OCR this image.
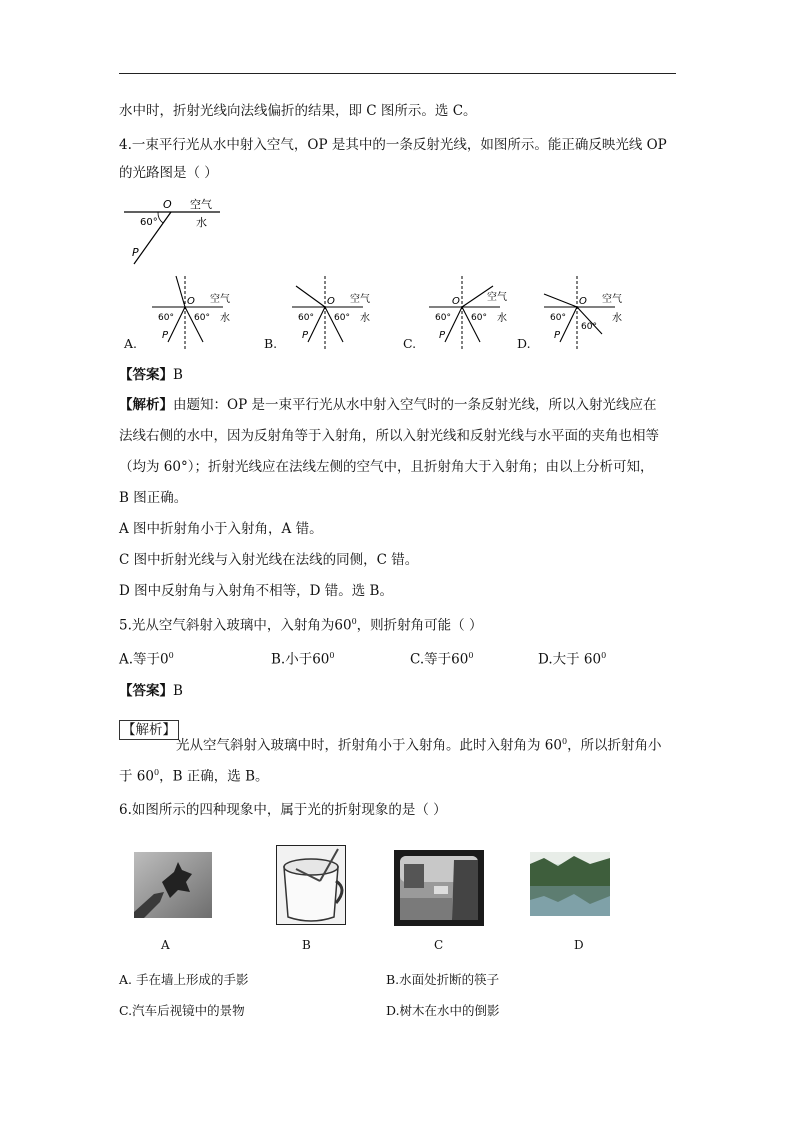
水中时，折射光线向法线偏折的结果，即 C 图所示。选 C。
4.一束平行光从水中射入空气，OP 是其中的一条反射光线，如图所示。能正确反映光线 OP
的光路图是（ ）
O 空气
水
60°
P
O 空气
水
60° 60°
P
A.
O 空气
水
60° 60°
P
B.
O	空气
水
60° 60°
P
C.
O 空气
水
60°
60°
P
D.
【答案】B
【解析】由题知：OP 是一束平行光从水中射入空气时的一条反射光线，所以入射光线应在
法线右侧的水中，因为反射角等于入射角，所以入射光线和反射光线与水平面的夹角也相等
（均为 60°）；折射光线应在法线左侧的空气中，且折射角大于入射角；由以上分析可知，
B 图正确。
A 图中折射角小于入射角，A 错。
C 图中折射光线与入射光线在法线的同侧，C 错。
D 图中反射角与入射角不相等，D 错。选 B。
5.光从空气斜射入玻璃中，入射角为$60^0$，则折射角可能（ ）
A.等于$0^0$	B.小于$60^0$	C.等于$60^0$	D.大于 $60^0$
【答案】B
【解析】
光从空气斜射入玻璃中时，折射角小于入射角。此时入射角为 $60^0$，所以折射角小
于 $60^0$，B 正确，选 B。
6.如图所示的四种现象中，属于光的折射现象的是（ ）
A	B	C	D
A. 手在墙上形成的手影	B.水面处折断的筷子
C.汽车后视镜中的景物	D.树木在水中的倒影
